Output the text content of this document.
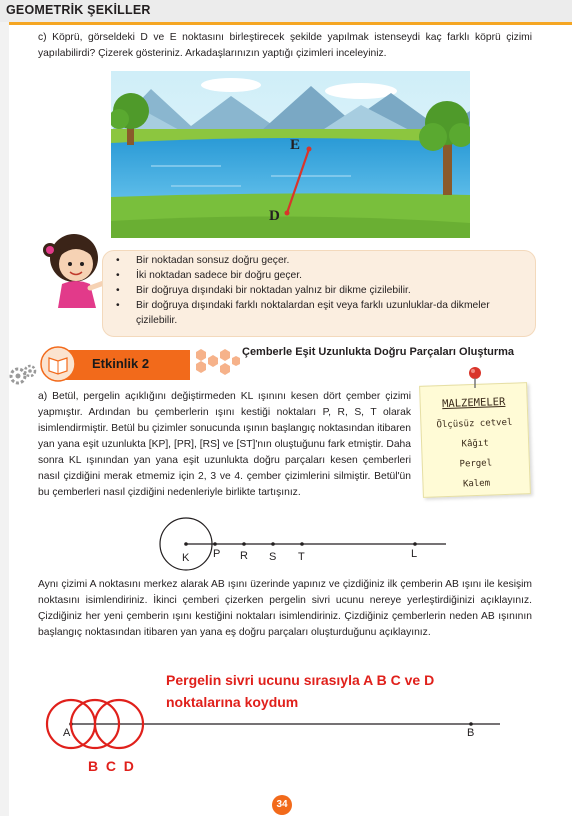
GEOMETRİK ŞEKİLLER
c) Köprü, görseldeki D ve E noktasını birleştirecek şekilde yapılmak istenseydi kaç farklı köprü çizimi yapılabilirdi? Çizerek gösteriniz. Arkadaşlarınızın yaptığı çizimleri inceleyiniz.
E
D
• Bir noktadan sonsuz doğru geçer.
• İki noktadan sadece bir doğru geçer.
• Bir doğruya dışındaki bir noktadan yalnız bir dikme çizilebilir.
• Bir doğruya dışındaki farklı noktalardan eşit veya farklı uzunluklar-da dikmeler çizilebilir.
Etkinlik 2
Çemberle Eşit Uzunlukta Doğru Parçaları Oluşturma
a) Betül, pergelin açıklığını değiştirmeden KL ışınını kesen dört çember çizimi yapmıştır. Ardından bu çemberlerin ışını kestiği noktaları P, R, S, T olarak isimlendirmiştir. Betül bu çizimler sonucunda ışının başlangıç noktasından itibaren yan yana eşit uzunlukta [KP], [PR], [RS] ve [ST]'nın oluştuğunu fark etmiştir. Daha sonra KL ışınından yan yana eşit uzunlukta doğru parçaları kesen çemberleri nasıl çizdiğini merak etmemiz için 2, 3 ve 4. çember çizimlerini silmiştir. Betül'ün bu çemberleri nasıl çizdiğini nedenleriyle birlikte tartışınız.
MALZEMELER
Ölçüsüz cetvel
Kâğıt
Pergel
Kalem
K P R S T	L
Aynı çizimi A noktasını merkez alarak AB ışını üzerinde yapınız ve çizdiğiniz ilk çemberin AB ışını ile kesişim noktasını isimlendiriniz. İkinci çemberi çizerken pergelin sivri ucunu nereye yerleştirdiğinizi açıklayınız. Çizdiğiniz her yeni çemberin ışını kestiğini noktaları isimlendiriniz. Çizdiğiniz çemberlerin neden AB ışınının başlangıç noktasından itibaren yan yana eş doğru parçaları oluşturduğunu açıklayınız.
Pergelin sivri ucunu sırasıyla A B C ve D
noktalarına koydum
A	B
B  C  D
34
